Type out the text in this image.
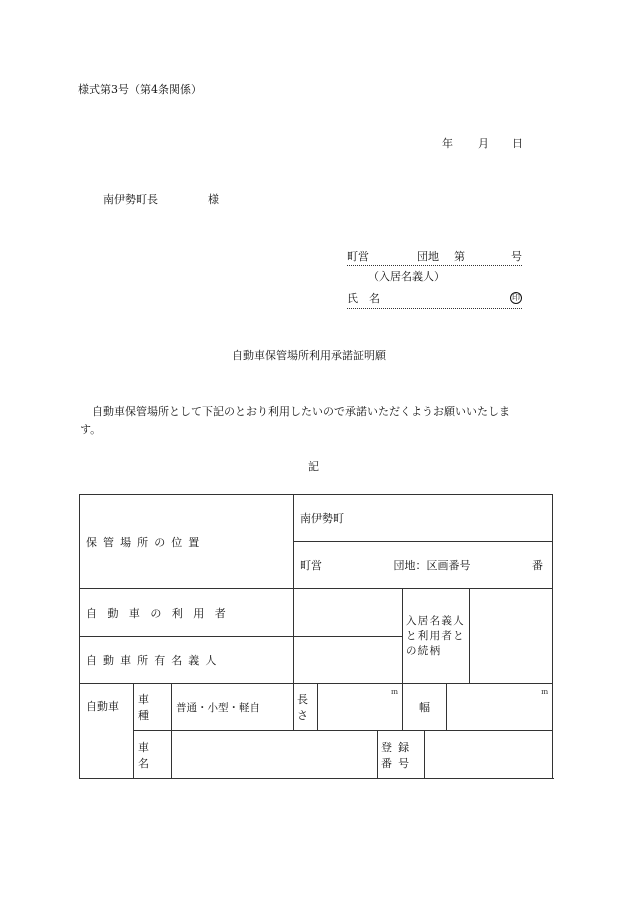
様式第3号（第4条関係）
年 月 日
南伊勢町長	様
町営	団地 第	号
（入居名義人）
氏　名	印
自動車保管場所利用承諾証明願
自動車保管場所として下記のとおり利用したいので承諾いただくようお願いいたしま
す。
記
保管場所の位置			南伊勢町						
			町営 団地：区画番号 番						
自動車の利用者						入居名義人と利用者との続柄			
自動車所有名義人									
自動車	車種	普通・小型・軽自	長さ	ｍ		幅		ｍ	

	車名				登録番号				
